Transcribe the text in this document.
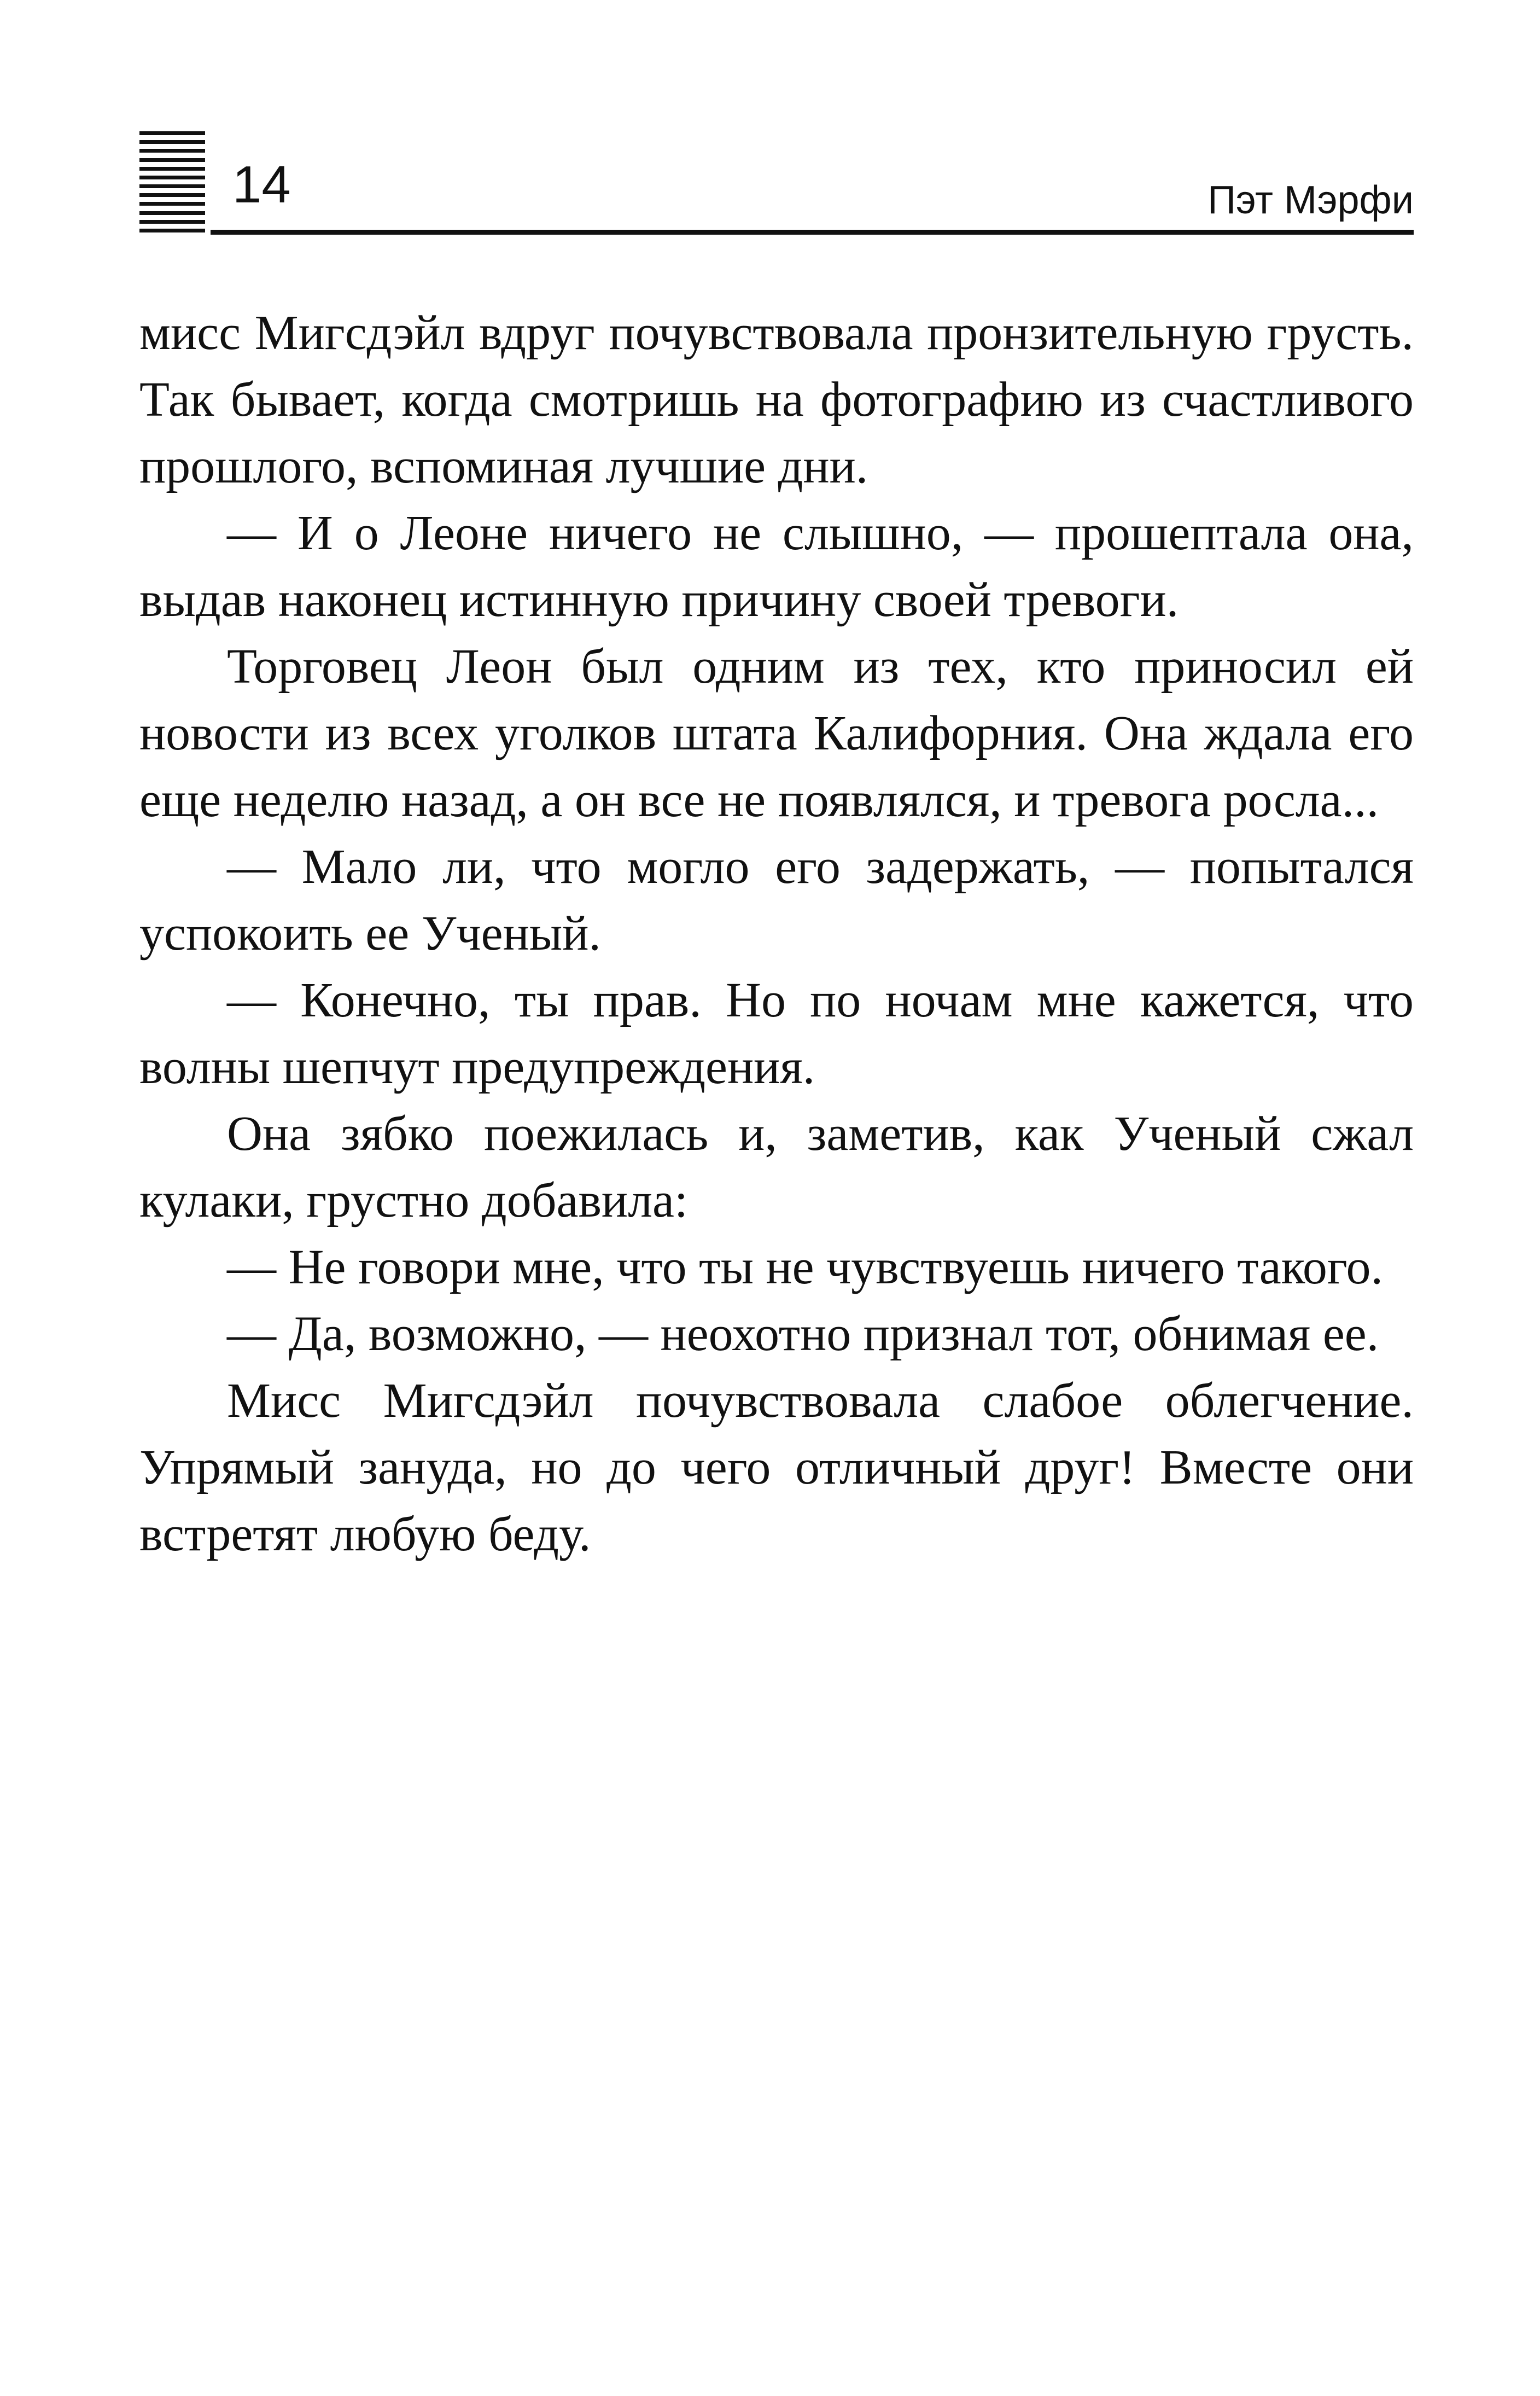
14	Пэт Мэрфи

мисс Мигсдэйл вдруг почувствовала пронзительную грусть. Так бывает, когда смотришь на фотографию из счастливого прошлого, вспоминая лучшие дни.

— И о Леоне ничего не слышно, — прошептала она, выдав наконец истинную причину своей тревоги.

Торговец Леон был одним из тех, кто приносил ей новости из всех уголков штата Калифорния. Она ждала его еще неделю назад, а он все не появлялся, и тревога росла...

— Мало ли, что могло его задержать, — попытался успокоить ее Ученый.

— Конечно, ты прав. Но по ночам мне кажется, что волны шепчут предупреждения.

Она зябко поежилась и, заметив, как Ученый сжал кулаки, грустно добавила:

— Не говори мне, что ты не чувствуешь ничего такого.

— Да, возможно, — неохотно признал тот, обнимая ее.

Мисс Мигсдэйл почувствовала слабое облегчение. Упрямый зануда, но до чего отличный друг! Вместе они встретят любую беду.
